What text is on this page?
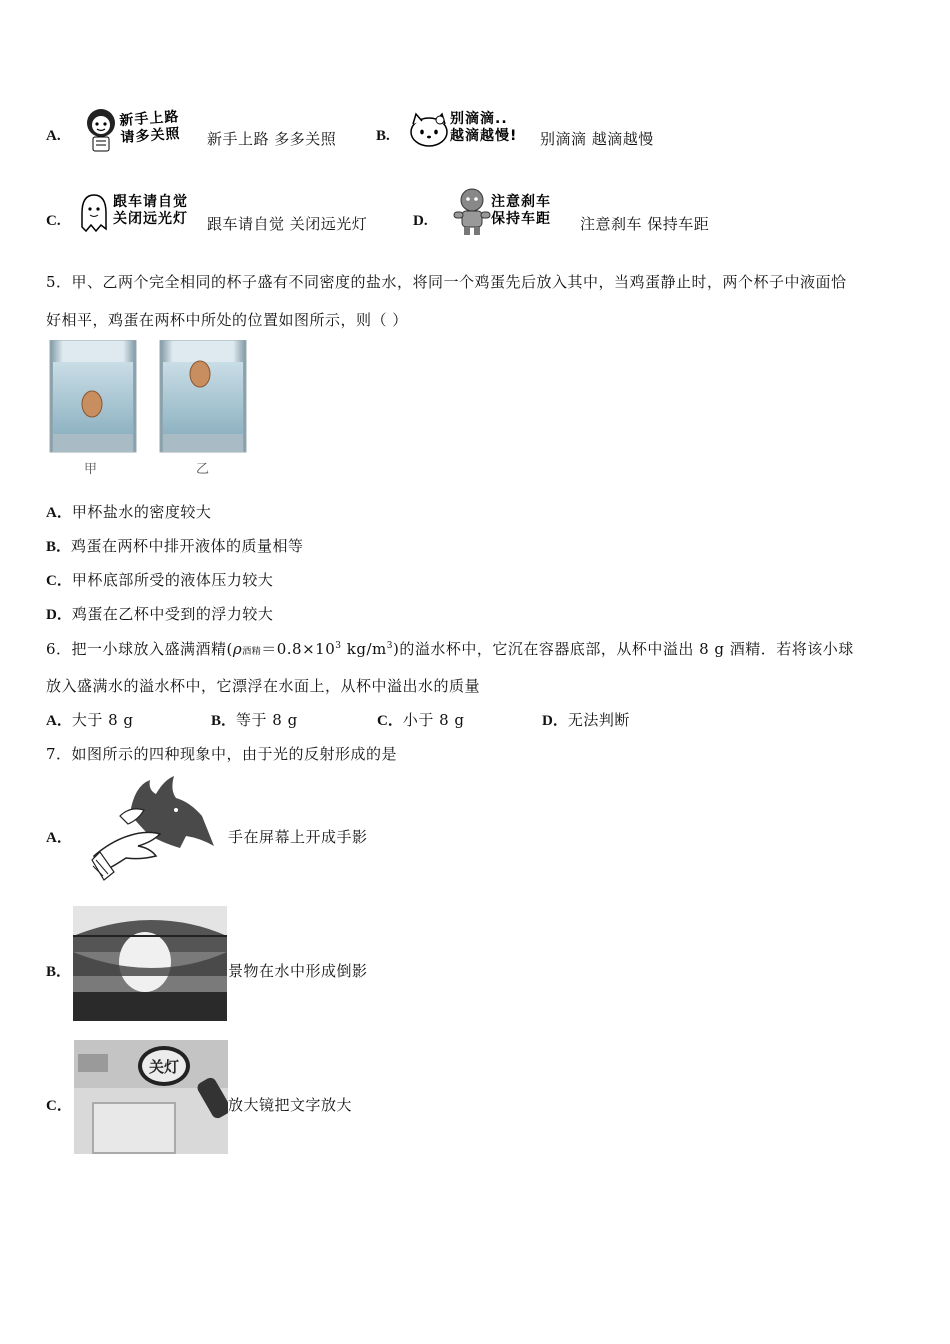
A.
新手上路
请多关照 新手上路 多多关照	B.
别滴滴..
越滴越慢! 别滴滴 越滴越慢
C.
跟车请自觉
关闭远光灯 跟车请自觉 关闭远光灯	D.
注意刹车
保持车距 注意刹车 保持车距
5．甲、乙两个完全相同的杯子盛有不同密度的盐水，将同一个鸡蛋先后放入其中，当鸡蛋静止时，两个杯子中液面恰
好相平，鸡蛋在两杯中所处的位置如图所示，则（ ）
甲	乙
A．甲杯盐水的密度较大
B．鸡蛋在两杯中排开液体的质量相等
C．甲杯底部所受的液体压力较大
D．鸡蛋在乙杯中受到的浮力较大
6．把一小球放入盛满酒精(ρ酒精$=0.8\times 10^3$ $kg/m^3$)的溢水杯中，它沉在容器底部，从杯中溢出 8 g 酒精．若将该小球
放入盛满水的溢水杯中，它漂浮在水面上，从杯中溢出水的质量
A．大于 8 g	B．等于 8 g	C．小于 8 g	D．无法判断
7．如图所示的四种现象中，由于光的反射形成的是
A．	手在屏幕上开成手影
B．	景物在水中形成倒影
C．
关灯
放大镜把文字放大
